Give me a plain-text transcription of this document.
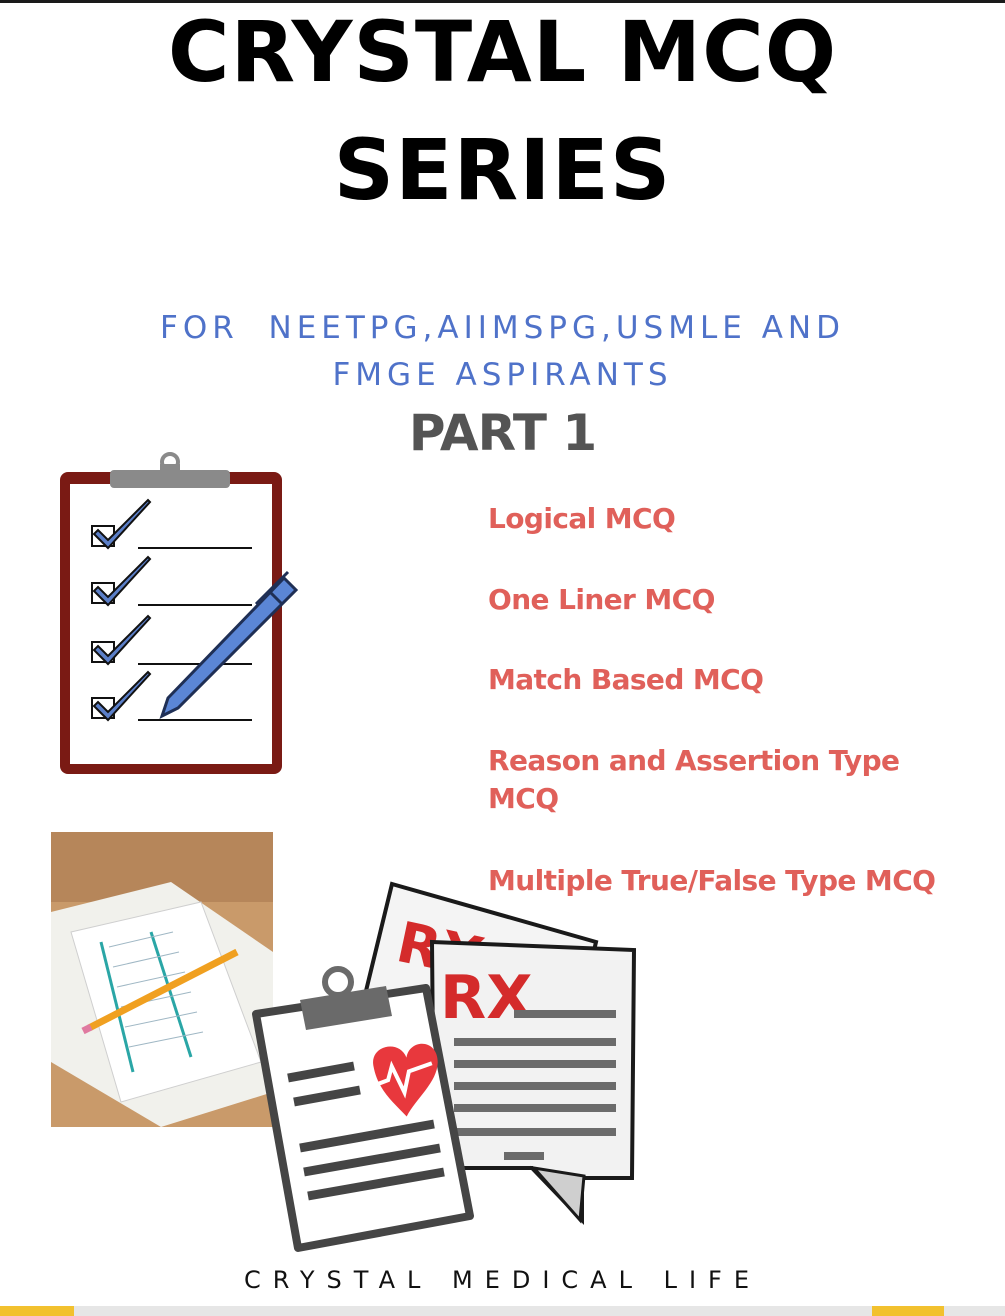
CRYSTAL MCQ
SERIES
FOR  NEETPG,AIIMSPG,USMLE AND
FMGE ASPIRANTS
PART 1
Logical MCQ
One Liner MCQ
Match Based MCQ
Reason and Assertion Type MCQ
Multiple True/False Type MCQ
RX
CRYSTAL MEDICAL LIFE
